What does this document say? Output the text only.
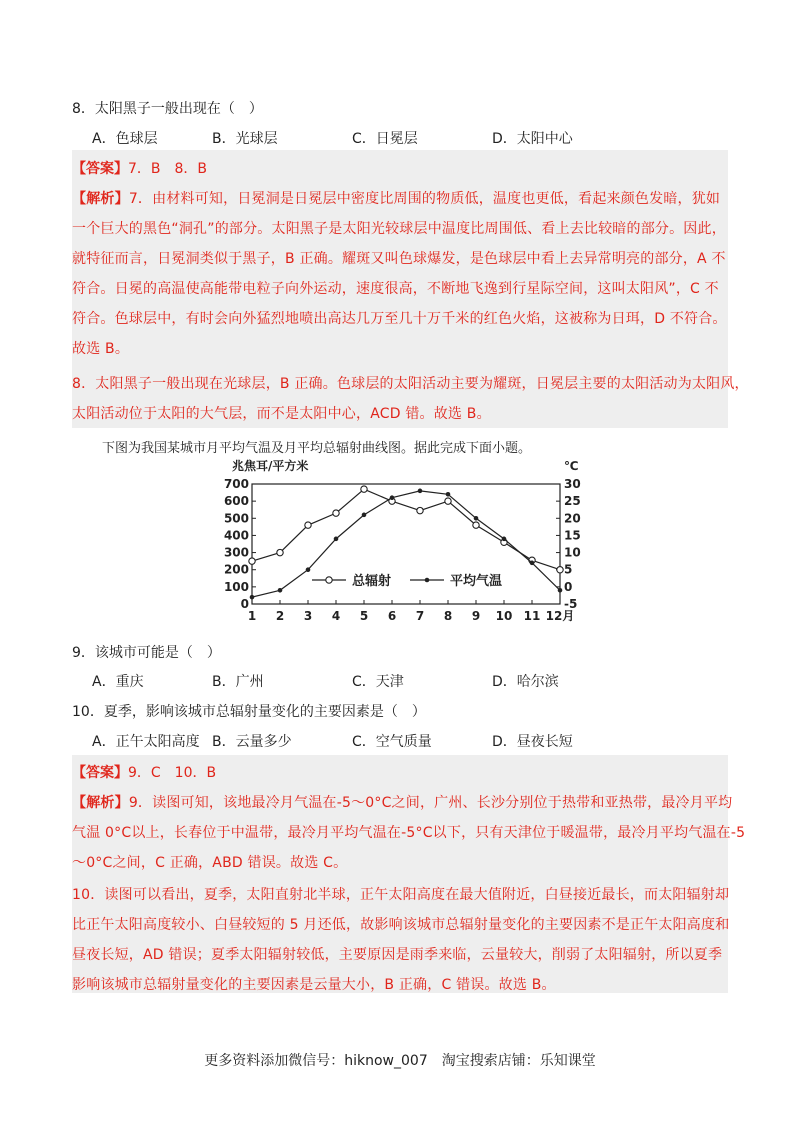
8．太阳黑子一般出现在（　）
A．色球层	B．光球层	C．日冕层	D．太阳中心
【答案】7．B　8．B
【解析】7．由材料可知，日冕洞是日冕层中密度比周围的物质低，温度也更低，看起来颜色发暗，犹如
一个巨大的黑色“洞孔”的部分。太阳黑子是太阳光较球层中温度比周围低、看上去比较暗的部分。因此，
就特征而言，日冕洞类似于黑子，B 正确。耀斑又叫色球爆发，是色球层中看上去异常明亮的部分，A 不
符合。日冕的高温使高能带电粒子向外运动，速度很高，不断地飞逸到行星际空间，这叫太阳风”，C 不
符合。色球层中，有时会向外猛烈地喷出高达几万至几十万千米的红色火焰，这被称为日珥，D 不符合。
故选 B。
8．太阳黑子一般出现在光球层，B 正确。色球层的太阳活动主要为耀斑，日冕层主要的太阳活动为太阳风，
太阳活动位于太阳的大气层，而不是太阳中心，ACD 错。故选 B。
下图为我国某城市月平均气温及月平均总辐射曲线图。据此完成下面小题。
兆焦耳/平方米	℃
0
100
200
300
400
500
600
700
-5
0
5
10
15
20
25
30
1 2 3 4 5 6 7 8 9 10 11 12月
总辐射	平均气温
9．该城市可能是（　）
A．重庆	B．广州	C．天津	D．哈尔滨
10．夏季，影响该城市总辐射量变化的主要因素是（　）
A．正午太阳高度 B．云量多少	C．空气质量	D．昼夜长短
【答案】9．C　10．B
【解析】9．读图可知，该地最冷月气温在-5～0°C之间，广州、长沙分别位于热带和亚热带，最冷月平均
气温 0°C以上，长春位于中温带，最冷月平均气温在-5°C以下，只有天津位于暖温带，最冷月平均气温在-5
～0°C之间，C 正确，ABD 错误。故选 C。
10．读图可以看出，夏季，太阳直射北半球，正午太阳高度在最大值附近，白昼接近最长，而太阳辐射却
比正午太阳高度较小、白昼较短的 5 月还低，故影响该城市总辐射量变化的主要因素不是正午太阳高度和
昼夜长短，AD 错误；夏季太阳辐射较低，主要原因是雨季来临，云量较大，削弱了太阳辐射，所以夏季
影响该城市总辐射量变化的主要因素是云量大小，B 正确，C 错误。故选 B。
更多资料添加微信号：hiknow_007　淘宝搜索店铺：乐知课堂
